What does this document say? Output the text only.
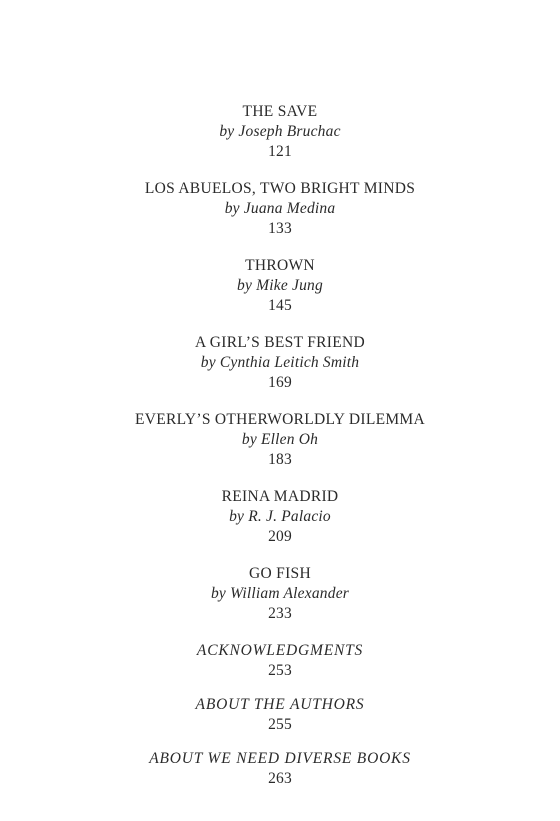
THE SAVE
by Joseph Bruchac
121
LOS ABUELOS, TWO BRIGHT MINDS
by Juana Medina
133
THROWN
by Mike Jung
145
A GIRL’S BEST FRIEND
by Cynthia Leitich Smith
169
EVERLY’S OTHERWORLDLY DILEMMA
by Ellen Oh
183
REINA MADRID
by R. J. Palacio
209
GO FISH
by William Alexander
233
ACKNOWLEDGMENTS
253
ABOUT THE AUTHORS
255
ABOUT WE NEED DIVERSE BOOKS
263
